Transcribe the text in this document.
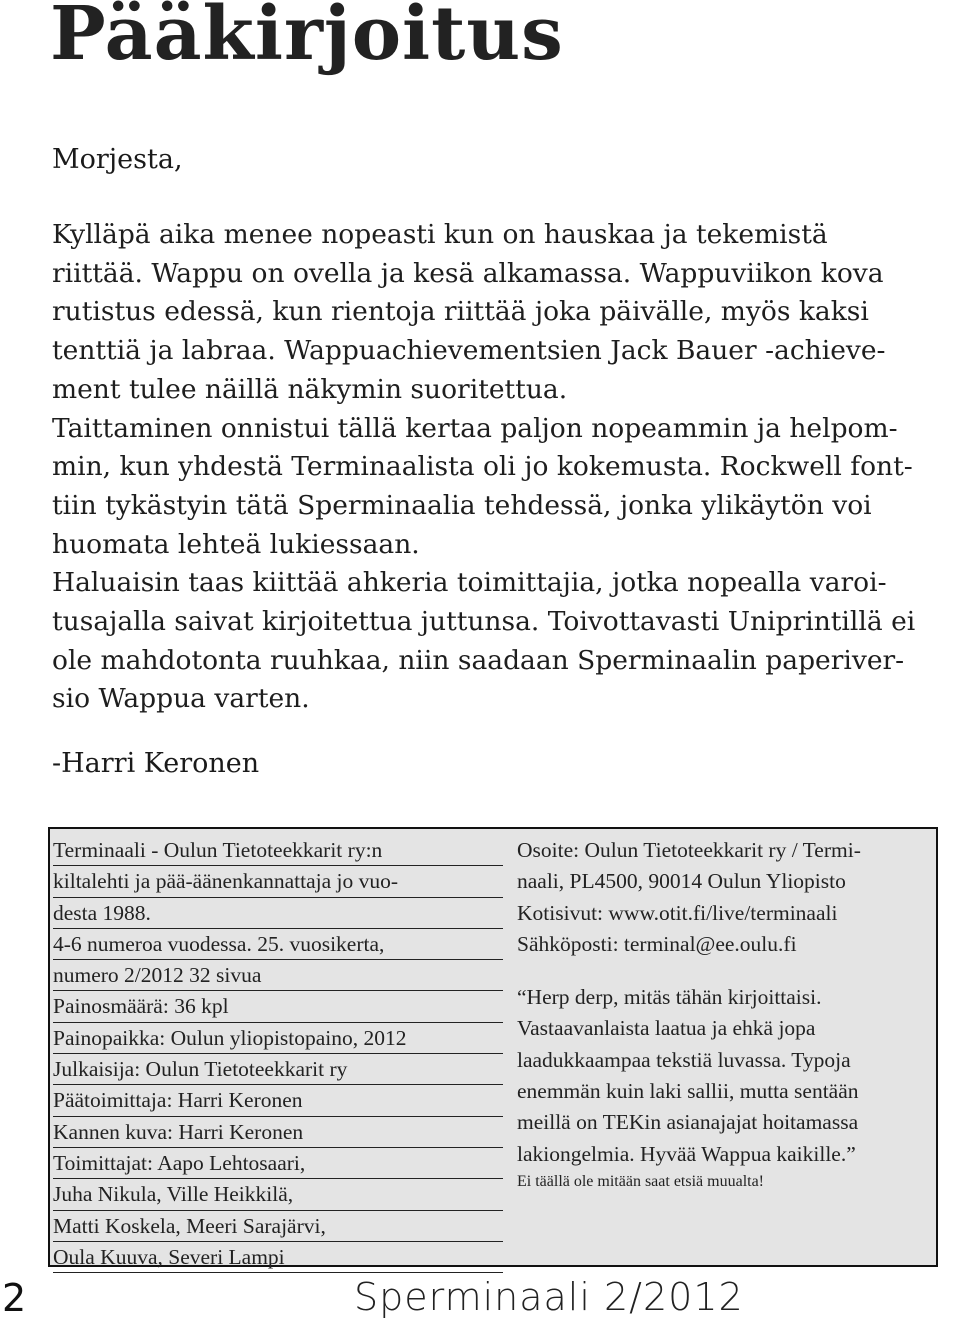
Pääkirjoitus
Morjesta,
Kylläpä aika menee nopeasti kun on hauskaa ja tekemistä
riittää. Wappu on ovella ja kesä alkamassa. Wappuviikon kova
rutistus edessä, kun rientoja riittää joka päivälle, myös kaksi
tenttiä ja labraa. Wappuachievementsien Jack Bauer -achieve-
ment tulee näillä näkymin suoritettua.
Taittaminen onnistui tällä kertaa paljon nopeammin ja helpom-
min, kun yhdestä Terminaalista oli jo kokemusta. Rockwell font-
tiin tykästyin tätä Sperminaalia tehdessä, jonka ylikäytön voi
huomata lehteä lukiessaan.
Haluaisin taas kiittää ahkeria toimittajia, jotka nopealla varoi-
tusajalla saivat kirjoitettua juttunsa. Toivottavasti Uniprintillä ei
ole mahdotonta ruuhkaa, niin saadaan Sperminaalin paperiver-
sio Wappua varten.
-Harri Keronen
Terminaali - Oulun Tietoteekkarit ry:n
kiltalehti ja pää-äänenkannattaja jo vuo-
desta 1988.
4-6 numeroa vuodessa. 25. vuosikerta,
numero 2/2012 32 sivua
Painosmäärä: 36 kpl
Painopaikka: Oulun yliopistopaino, 2012
Julkaisija: Oulun Tietoteekkarit ry
Päätoimittaja: Harri Keronen
Kannen kuva: Harri Keronen
Toimittajat: Aapo Lehtosaari,
Juha Nikula, Ville Heikkilä,
Matti Koskela, Meeri Sarajärvi,
Oula Kuuva, Severi Lampi
Osoite: Oulun Tietoteekkarit ry / Termi-
naali, PL4500, 90014 Oulun Yliopisto
Kotisivut: www.otit.fi/live/terminaali
Sähköposti: terminal@ee.oulu.fi
“Herp derp, mitäs tähän kirjoittaisi.
Vastaavanlaista laatua ja ehkä jopa
laadukkaampaa tekstiä luvassa. Typoja
enemmän kuin laki sallii, mutta sentään
meillä on TEKin asianajajat hoitamassa
lakiongelmia. Hyvää Wappua kaikille.”
Ei täällä ole mitään saat etsiä muualta!
2	Sperminaali 2/2012
